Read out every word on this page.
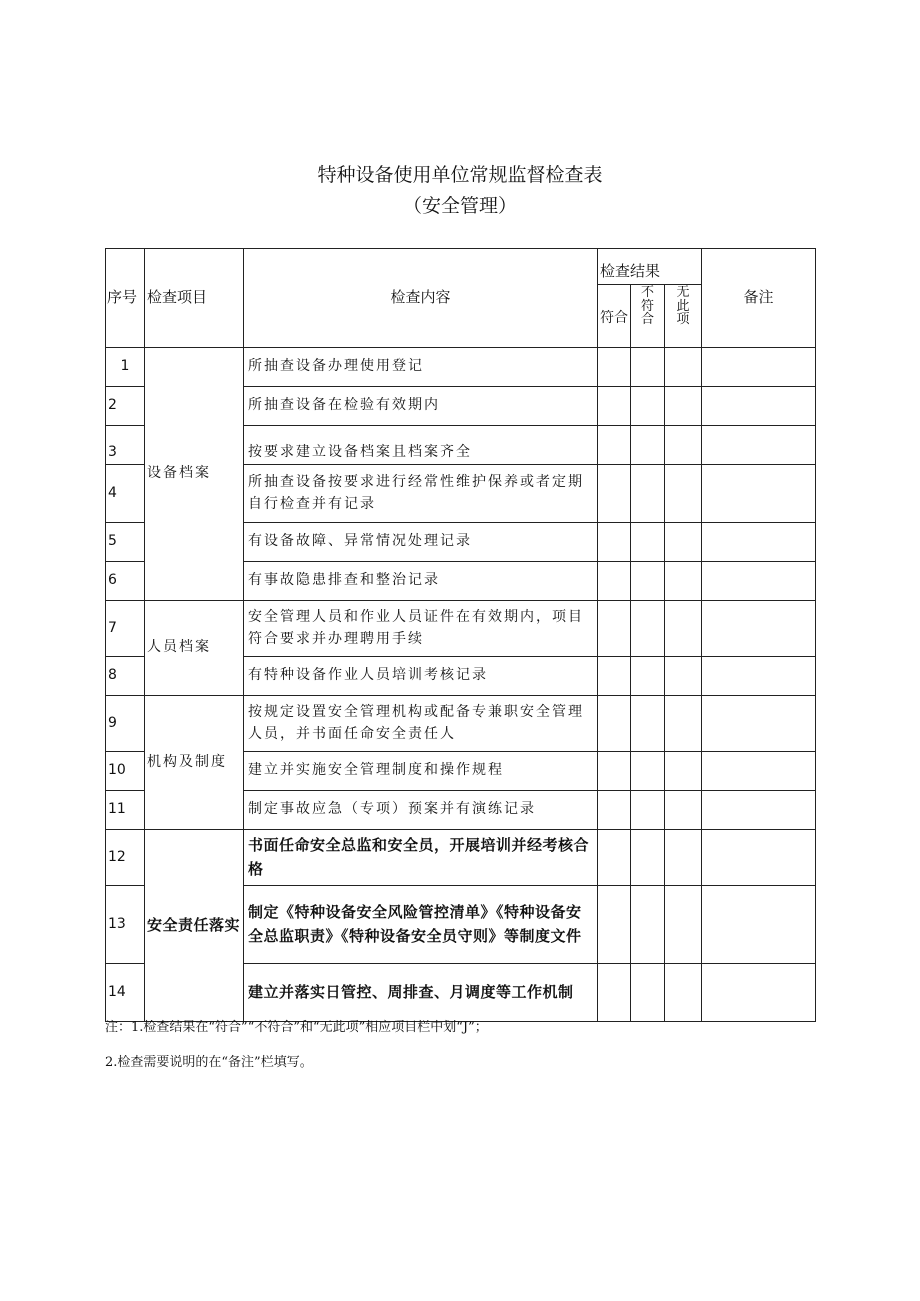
特种设备使用单位常规监督检查表
（安全管理）
序号	检查项目	检查内容	检查结果			备注
			符合	不符合	无此项	
1	设备档案	所抽查设备办理使用登记				
2		所抽查设备在检验有效期内				
3		按要求建立设备档案且档案齐全				
4		所抽查设备按要求进行经常性维护保养或者定期自行检查并有记录				
5		有设备故障、异常情况处理记录				
6		有事故隐患排查和整治记录				
7	人员档案	安全管理人员和作业人员证件在有效期内，项目符合要求并办理聘用手续				
8		有特种设备作业人员培训考核记录				
9	机构及制度	按规定设置安全管理机构或配备专兼职安全管理人员，并书面任命安全责任人				
10		建立并实施安全管理制度和操作规程				
11		制定事故应急（专项）预案并有演练记录				
12	安全责任落实	书面任命安全总监和安全员，开展培训并经考核合格				
13		制定《特种设备安全风险管控清单》《特种设备安全总监职责》《特种设备安全员守则》等制度文件				
14		建立并落实日管控、周排查、月调度等工作机制				
注：1.检查结果在“符合”“不符合”和“无此项”相应项目栏中划“J”；
2.检查需要说明的在“备注”栏填写。
